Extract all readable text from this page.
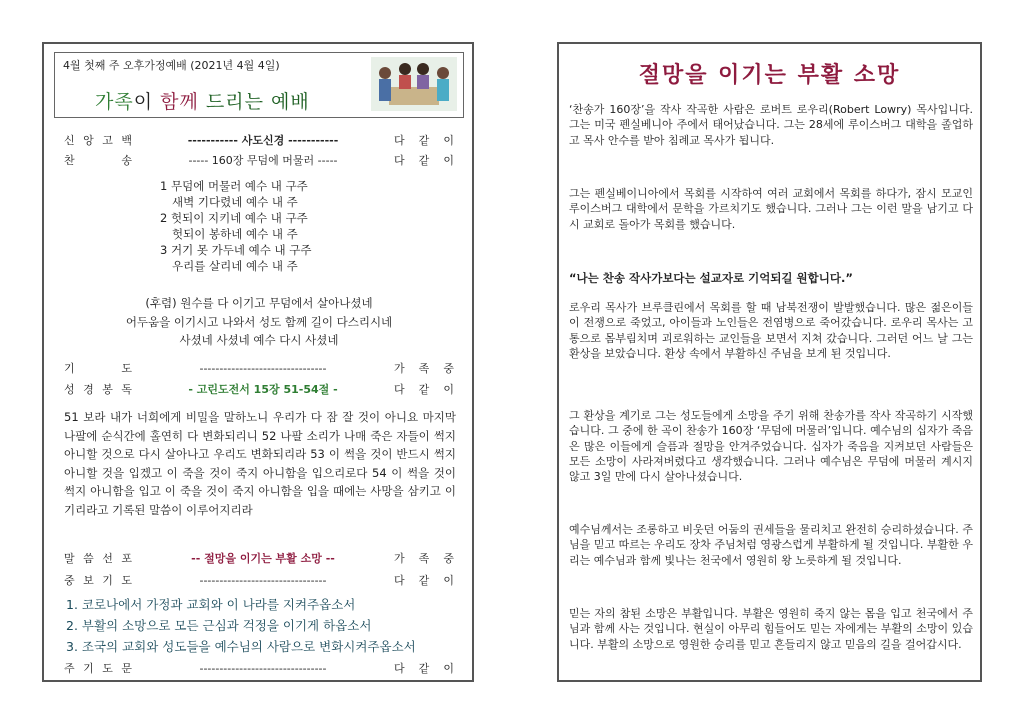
4월 첫째 주 오후가정예배 (2021년 4월 4일)
가족이 함께 드리는 예배
신 앙 고 백	----------- 사도신경 -----------	다 같 이
찬	송	----- 160장 무덤에 머물러 -----	다 같 이
1 무덤에 머물러 예수 내 구주
새벽 기다렸네 예수 내 주
2 헛되이 지키네 예수 내 구주
헛되이 봉하네 예수 내 주
3 거기 못 가두네 예수 내 구주
우리를 살리네 예수 내 주
(후렴) 원수를 다 이기고 무덤에서 살아나셨네
어두움을 이기시고 나와서 성도 함께 길이 다스리시네
사셨네 사셨네 예수 다시 사셨네
기	도	--------------------------------	가 족 중
성 경 봉 독	- 고린도전서 15장 51-54절 -	다 같 이
51 보라 내가 너희에게 비밀을 말하노니 우리가 다 잠 잘 것이 아니요 마지막 나팔에 순식간에 홀연히 다 변화되리니 52 나팔 소리가 나매 죽은 자들이 썩지 아니할 것으로 다시 살아나고 우리도 변화되리라 53 이 썩을 것이 반드시 썩지 아니할 것을 입겠고 이 죽을 것이 죽지 아니함을 입으리로다 54 이 썩을 것이 썩지 아니함을 입고 이 죽을 것이 죽지 아니함을 입을 때에는 사망을 삼키고 이기리라고 기록된 말씀이 이루어지리라
말 씀 선 포	-- 절망을 이기는 부활 소망 --	가 족 중
중 보 기 도	--------------------------------	다 같 이
1. 코로나에서 가정과 교회와 이 나라를 지켜주옵소서
2. 부활의 소망으로 모든 근심과 걱정을 이기게 하옵소서
3. 조국의 교회와 성도들을 예수님의 사람으로 변화시켜주옵소서
주 기 도 문	--------------------------------	다 같 이
절망을 이기는 부활 소망
‘찬송가 160장’을 작사 작곡한 사람은 로버트 로우리(Robert Lowry) 목사입니다. 그는 미국 펜실베니아 주에서 태어났습니다. 그는 28세에 루이스버그 대학을 졸업하고 목사 안수를 받아 침례교 목사가 됩니다.
그는 펜실베이니아에서 목회를 시작하여 여러 교회에서 목회를 하다가, 잠시 모교인 루이스버그 대학에서 문학을 가르치기도 했습니다. 그러나 그는 이런 말을 남기고 다시 교회로 돌아가 목회를 했습니다.
“나는 찬송 작사가보다는 설교자로 기억되길 원합니다.”
로우리 목사가 브루클린에서 목회를 할 때 남북전쟁이 발발했습니다. 많은 젊은이들이 전쟁으로 죽었고, 아이들과 노인들은 전염병으로 죽어갔습니다. 로우리 목사는 고통으로 몸부림치며 괴로워하는 교인들을 보면서 지쳐 갔습니다. 그러던 어느 날 그는 환상을 보았습니다. 환상 속에서 부활하신 주님을 보게 된 것입니다.
그 환상을 계기로 그는 성도들에게 소망을 주기 위해 찬송가를 작사 작곡하기 시작했습니다. 그 중에 한 곡이 찬송가 160장 ‘무덤에 머물러’입니다. 예수님의 십자가 죽음은 많은 이들에게 슬픔과 절망을 안겨주었습니다. 십자가 죽음을 지켜보던 사람들은 모든 소망이 사라져버렸다고 생각했습니다. 그러나 예수님은 무덤에 머물러 계시지 않고 3일 만에 다시 살아나셨습니다.
예수님께서는 조롱하고 비웃던 어둠의 권세들을 물리치고 완전히 승리하셨습니다. 주님을 믿고 따르는 우리도 장차 주님처럼 영광스럽게 부활하게 될 것입니다. 부활한 우리는 예수님과 함께 빛나는 천국에서 영원히 왕 노릇하게 될 것입니다.
믿는 자의 참된 소망은 부활입니다. 부활은 영원히 죽지 않는 몸을 입고 천국에서 주님과 함께 사는 것입니다. 현실이 아무리 힘들어도 믿는 자에게는 부활의 소망이 있습니다. 부활의 소망으로 영원한 승리를 믿고 흔들리지 않고 믿음의 길을 걸어갑시다.
